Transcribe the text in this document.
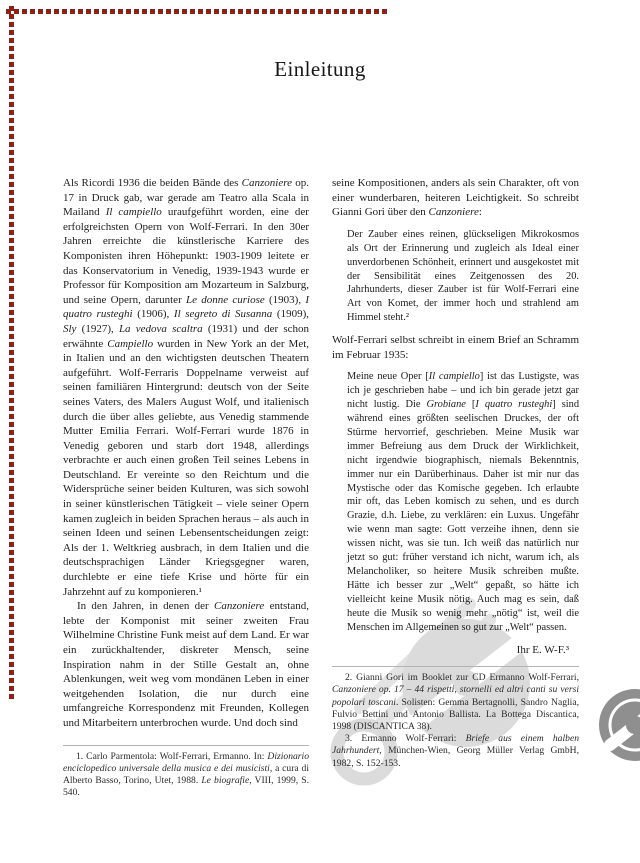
Einleitung

Als Ricordi 1936 die beiden Bände des Canzoniere op. 17 in Druck gab, war gerade am Teatro alla Scala in Mailand Il campiello uraufgeführt worden, eine der erfolgreichsten Opern von Wolf-Ferrari. In den 30er Jahren erreichte die künstlerische Karriere des Komponisten ihren Höhepunkt: 1903-1909 leitete er das Konservatorium in Venedig, 1939-1943 wurde er Professor für Komposition am Mozarteum in Salzburg, und seine Opern, darunter Le donne curiose (1903), I quatro rusteghi (1906), Il segreto di Susanna (1909), Sly (1927), La vedova scaltra (1931) und der schon erwähnte Campiello wurden in New York an der Met, in Italien und an den wichtigsten deutschen Theatern aufgeführt. Wolf-Ferraris Doppelname verweist auf seinen familiären Hintergrund: deutsch von der Seite seines Vaters, des Malers August Wolf, und italienisch durch die über alles geliebte, aus Venedig stammende Mutter Emilia Ferrari. Wolf-Ferrari wurde 1876 in Venedig geboren und starb dort 1948, allerdings verbrachte er auch einen großen Teil seines Lebens in Deutschland. Er vereinte so den Reichtum und die Widersprüche seiner beiden Kulturen, was sich sowohl in seiner künstlerischen Tätigkeit – viele seiner Opern kamen zugleich in beiden Sprachen heraus – als auch in seinen Ideen und seinen Lebensentscheidungen zeigt: Als der 1. Weltkrieg ausbrach, in dem Italien und die deutschsprachigen Länder Kriegsgegner waren, durchlebte er eine tiefe Krise und hörte für ein Jahrzehnt auf zu komponieren.¹

In den Jahren, in denen der Canzoniere entstand, lebte der Komponist mit seiner zweiten Frau Wilhelmine Christine Funk meist auf dem Land. Er war ein zurückhaltender, diskreter Mensch, seine Inspiration nahm in der Stille Gestalt an, ohne Ablenkungen, weit weg vom mondänen Leben in einer weitgehenden Isolation, die nur durch eine umfangreiche Korrespondenz mit Freunden, Kollegen und Mitarbeitern unterbrochen wurde. Und doch sind

1. Carlo Parmentola: Wolf-Ferrari, Ermanno. In: Dizionario enciclopedico universale della musica e dei musicisti, a cura di Alberto Basso, Torino, Utet, 1988. Le biografie, VIII, 1999, S. 540.

seine Kompositionen, anders als sein Charakter, oft von einer wunderbaren, heiteren Leichtigkeit. So schreibt Gianni Gori über den Canzoniere:

Der Zauber eines reinen, glückseligen Mikrokosmos als Ort der Erinnerung und zugleich als Ideal einer unverdorbenen Schönheit, erinnert und ausgekostet mit der Sensibilität eines Zeitgenossen des 20. Jahrhunderts, dieser Zauber ist für Wolf-Ferrari eine Art von Komet, der immer hoch und strahlend am Himmel steht.²

Wolf-Ferrari selbst schreibt in einem Brief an Schramm im Februar 1935:

Meine neue Oper [Il campiello] ist das Lustigste, was ich je geschrieben habe – und ich bin gerade jetzt gar nicht lustig. Die Grobiane [I quatro rusteghi] sind während eines größten seelischen Druckes, der oft Stürme hervorrief, geschrieben. Meine Musik war immer Befreiung aus dem Druck der Wirklichkeit, nicht irgendwie biographisch, niemals Bekenntnis, immer nur ein Darüberhinaus. Daher ist mir nur das Mystische oder das Komische gegeben. Ich erlaubte mir oft, das Leben komisch zu sehen, und es durch Grazie, d.h. Liebe, zu verklären: ein Luxus. Ungefähr wie wenn man sagte: Gott verzeihe ihnen, denn sie wissen nicht, was sie tun. Ich weiß das natürlich nur jetzt so gut: früher verstand ich nicht, warum ich, als Melancholiker, so heitere Musik schreiben mußte. Hätte ich besser zur „Welt“ gepaßt, so hätte ich vielleicht keine Musik nötig. Auch mag es sein, daß heute die Musik so wenig mehr „nötig“ ist, weil die Menschen im Allgemeinen so gut zur „Welt“ passen.

Ihr E. W-F.³

2. Gianni Gori im Booklet zur CD Ermanno Wolf-Ferrari, Canzoniere op. 17 – 44 rispetti, stornelli ed altri canti su versi popolari toscani. Solisten: Gemma Bertagnolli, Sandro Naglia, Fulvio Bettini und Antonio Ballista. La Bottega Discantica, 1998 (DISCANTICA 38).

3. Ermanno Wolf-Ferrari: Briefe aus einem halben Jahrhundert, München-Wien, Georg Müller Verlag GmbH, 1982, S. 152-153.
